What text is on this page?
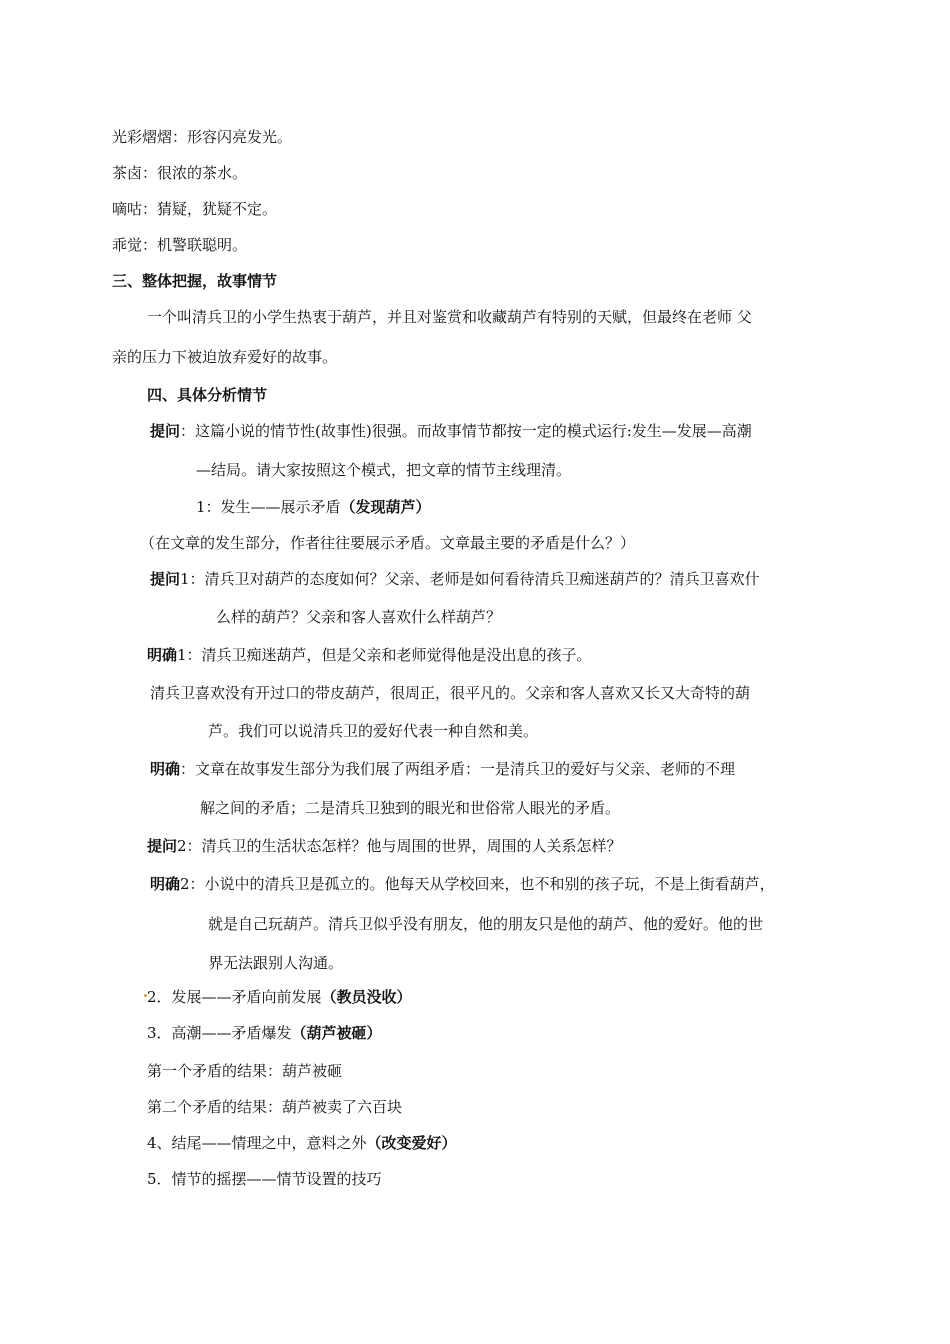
光彩熠熠：形容闪亮发光。
茶卤：很浓的茶水。
嘀咕：猜疑，犹疑不定。
乖觉：机警联聪明。
三、整体把握，故事情节
一个叫清兵卫的小学生热衷于葫芦，并且对鉴赏和收藏葫芦有特别的天赋，但最终在老师 父
亲的压力下被迫放弃爱好的故事。
四、具体分析情节
提问：这篇小说的情节性(故事性)很强。而故事情节都按一定的模式运行:发生—发展—高潮
—结局。请大家按照这个模式，把文章的情节主线理清。
1：发生——展示矛盾（发现葫芦）
（在文章的发生部分，作者往往要展示矛盾。文章最主要的矛盾是什么？）
提问1：清兵卫对葫芦的态度如何？父亲、老师是如何看待清兵卫痴迷葫芦的？清兵卫喜欢什
么样的葫芦？父亲和客人喜欢什么样葫芦？
明确1：清兵卫痴迷葫芦，但是父亲和老师觉得他是没出息的孩子。
清兵卫喜欢没有开过口的带皮葫芦，很周正，很平凡的。父亲和客人喜欢又长又大奇特的葫
芦。我们可以说清兵卫的爱好代表一种自然和美。
明确：文章在故事发生部分为我们展了两组矛盾：一是清兵卫的爱好与父亲、老师的不理
解之间的矛盾；二是清兵卫独到的眼光和世俗常人眼光的矛盾。
提问2：清兵卫的生活状态怎样？他与周围的世界，周围的人关系怎样？
明确2：小说中的清兵卫是孤立的。他每天从学校回来，也不和别的孩子玩，不是上街看葫芦，
就是自己玩葫芦。清兵卫似乎没有朋友，他的朋友只是他的葫芦、他的爱好。他的世
界无法跟别人沟通。
2．发展——矛盾向前发展（教员没收）
3．高潮——矛盾爆发（葫芦被砸）
第一个矛盾的结果：葫芦被砸
第二个矛盾的结果：葫芦被卖了六百块
4、结尾——情理之中，意料之外（改变爱好）
5．情节的摇摆——情节设置的技巧
